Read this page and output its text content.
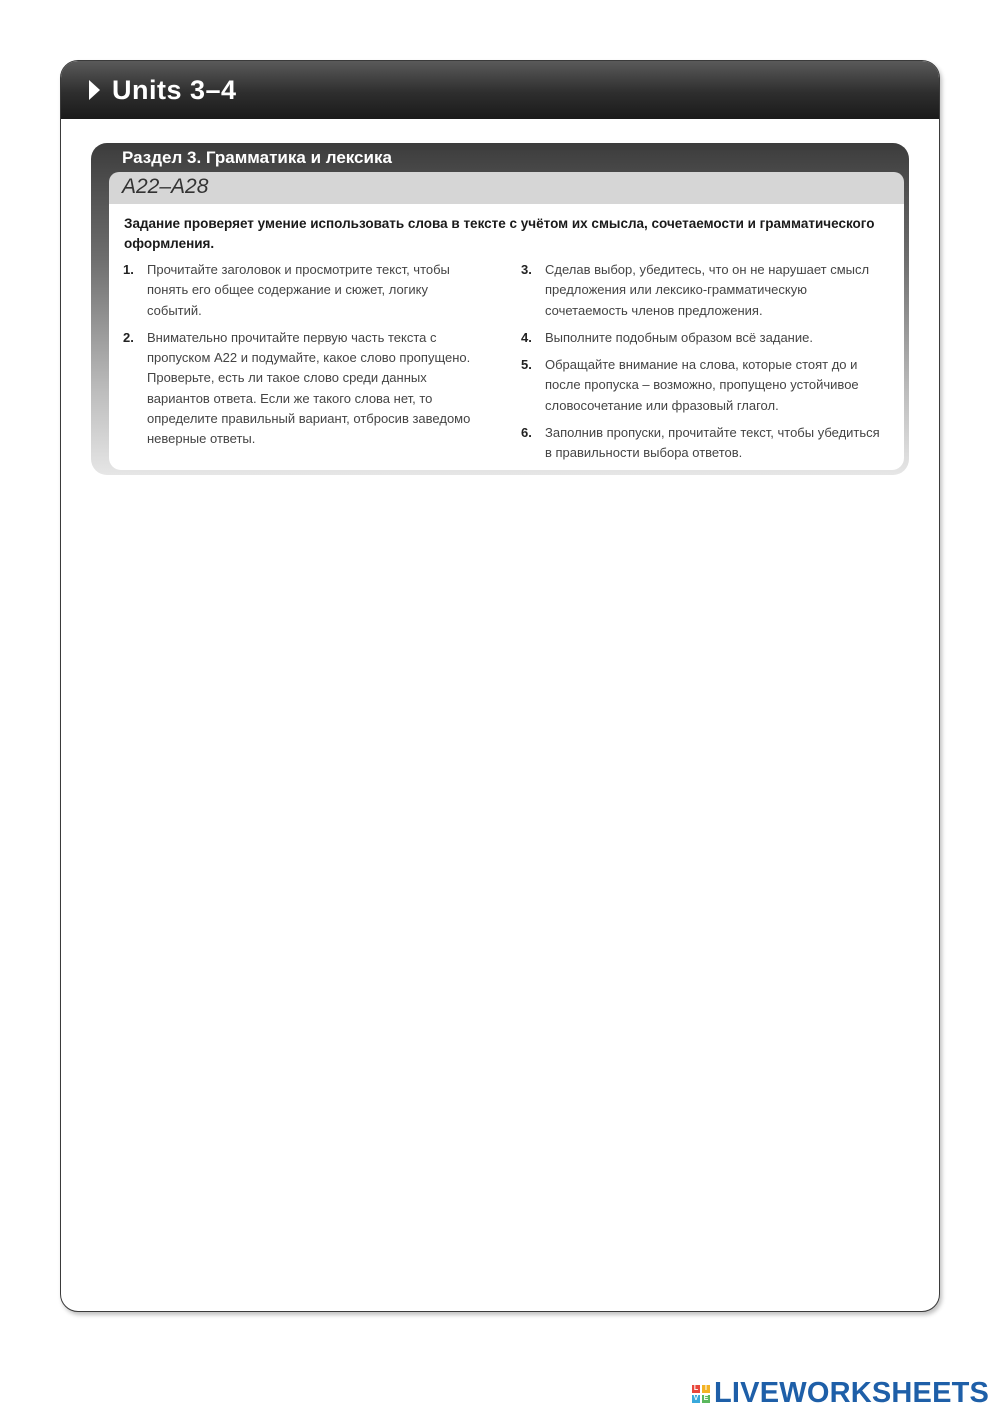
Units 3–4
Раздел 3. Грамматика и лексика
A22–A28
Задание проверяет умение использовать слова в тексте с учётом их смысла, сочетаемости и грамматического оформления.
1. Прочитайте заголовок и просмотрите текст, чтобы понять его общее содержание и сюжет, логику событий.
2. Внимательно прочитайте первую часть текста с пропуском A22 и подумайте, какое слово пропущено. Проверьте, есть ли такое слово среди данных вариантов ответа. Если же такого слова нет, то определите правильный вариант, отбросив заведомо неверные ответы.
3. Сделав выбор, убедитесь, что он не нарушает смысл предложения или лексико-грамматическую сочетаемость членов предложения.
4. Выполните подобным образом всё задание.
5. Обращайте внимание на слова, которые стоят до и после пропуска – возможно, пропущено устойчивое словосочетание или фразовый глагол.
6. Заполнив пропуски, прочитайте текст, чтобы убедиться в правильности выбора ответов.
L I
V E LIVEWORKSHEETS
